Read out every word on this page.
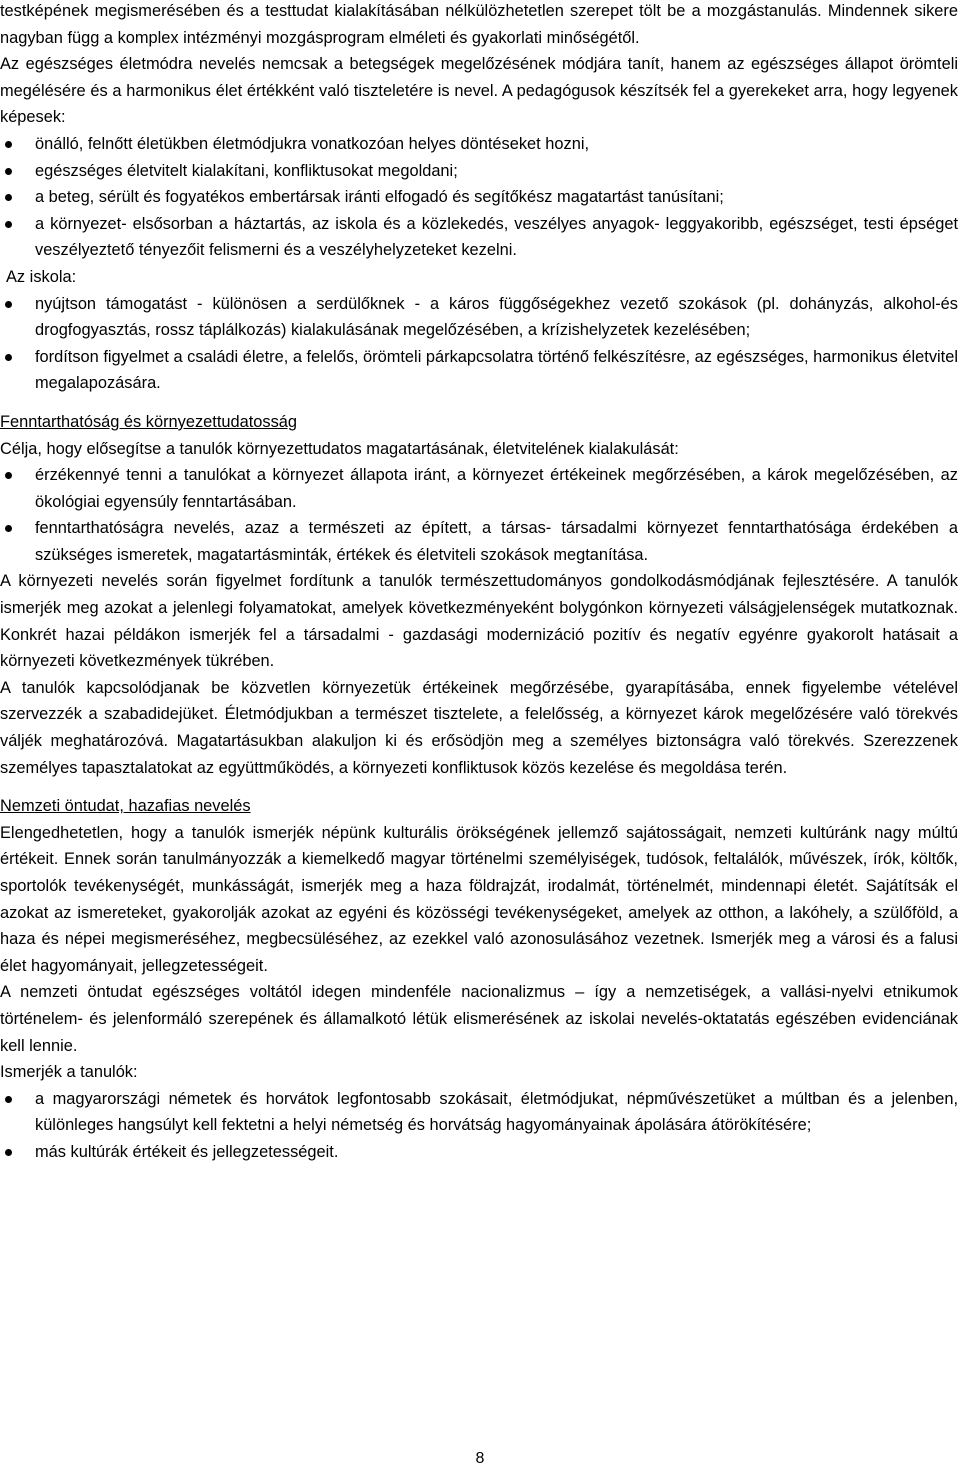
testképének megismerésében és a testtudat kialakításában nélkülözhetetlen szerepet tölt be a mozgástanulás. Mindennek sikere nagyban függ a komplex intézményi mozgásprogram elméleti és gyakorlati minőségétől.

Az egészséges életmódra nevelés nemcsak a betegségek megelőzésének módjára tanít, hanem az egészséges állapot örömteli megélésére és a harmonikus élet értékként való tiszteletére is nevel. A pedagógusok készítsék fel a gyerekeket arra, hogy legyenek képesek:

önálló, felnőtt életükben életmódjukra vonatkozóan helyes döntéseket hozni,
egészséges életvitelt kialakítani, konfliktusokat megoldani;
a beteg, sérült és fogyatékos embertársak iránti elfogadó és segítőkész magatartást tanúsítani;
a környezet- elsősorban a háztartás, az iskola és a közlekedés, veszélyes anyagok- leggyakoribb, egészséget, testi épséget veszélyeztető tényezőit felismerni és a veszélyhelyzeteket kezelni.

Az iskola:

nyújtson támogatást - különösen a serdülőknek - a káros függőségekhez vezető szokások (pl. dohányzás, alkohol-és drogfogyasztás, rossz táplálkozás) kialakulásának megelőzésében, a krízishelyzetek kezelésében;
fordítson figyelmet a családi életre, a felelős, örömteli párkapcsolatra történő felkészítésre, az egészséges, harmonikus életvitel megalapozására.

Fenntarthatóság és környezettudatosság

Célja, hogy elősegítse a tanulók környezettudatos magatartásának, életvitelének kialakulását:

érzékennyé tenni a tanulókat a környezet állapota iránt, a környezet értékeinek megőrzésében, a károk megelőzésében, az ökológiai egyensúly fenntartásában.
fenntarthatóságra nevelés, azaz a természeti az épített, a társas- társadalmi környezet fenntarthatósága érdekében a szükséges ismeretek, magatartásminták, értékek és életviteli szokások megtanítása.

A környezeti nevelés során figyelmet fordítunk a tanulók természettudományos gondolkodásmódjának fejlesztésére. A tanulók ismerjék meg azokat a jelenlegi folyamatokat, amelyek következményeként bolygónkon környezeti válságjelenségek mutatkoznak. Konkrét hazai példákon ismerjék fel a társadalmi - gazdasági modernizáció pozitív és negatív egyénre gyakorolt hatásait a környezeti következmények tükrében.

A tanulók kapcsolódjanak be közvetlen környezetük értékeinek megőrzésébe, gyarapításába, ennek figyelembe vételével szervezzék a szabadidejüket. Életmódjukban a természet tisztelete, a felelősség, a környezet károk megelőzésére való törekvés váljék meghatározóvá. Magatartásukban alakuljon ki és erősödjön meg a személyes biztonságra való törekvés. Szerezzenek személyes tapasztalatokat az együttműködés, a környezeti konfliktusok közös kezelése és megoldása terén.

Nemzeti öntudat, hazafias nevelés

Elengedhetetlen, hogy a tanulók ismerjék népünk kulturális örökségének jellemző sajátosságait, nemzeti kultúránk nagy múltú értékeit. Ennek során tanulmányozzák a kiemelkedő magyar történelmi személyiségek, tudósok, feltalálók, művészek, írók, költők, sportolók tevékenységét, munkásságát, ismerjék meg a haza földrajzát, irodalmát, történelmét, mindennapi életét. Sajátítsák el azokat az ismereteket, gyakorolják azokat az egyéni és közösségi tevékenységeket, amelyek az otthon, a lakóhely, a szülőföld, a haza és népei megismeréséhez, megbecsüléséhez, az ezekkel való azonosulásához vezetnek. Ismerjék meg a városi és a falusi élet hagyományait, jellegzetességeit.

A nemzeti öntudat egészséges voltától idegen mindenféle nacionalizmus – így a nemzetiségek, a vallási-nyelvi etnikumok történelem- és jelenformáló szerepének és államalkotó létük elismerésének az iskolai nevelés-oktatatás egészében evidenciának kell lennie.

Ismerjék a tanulók:

a magyarországi németek és horvátok legfontosabb szokásait, életmódjukat, népművészetüket a múltban és a jelenben, különleges hangsúlyt kell fektetni a helyi németség és horvátság hagyományainak ápolására átörökítésére;
más kultúrák értékeit és jellegzetességeit.
8
